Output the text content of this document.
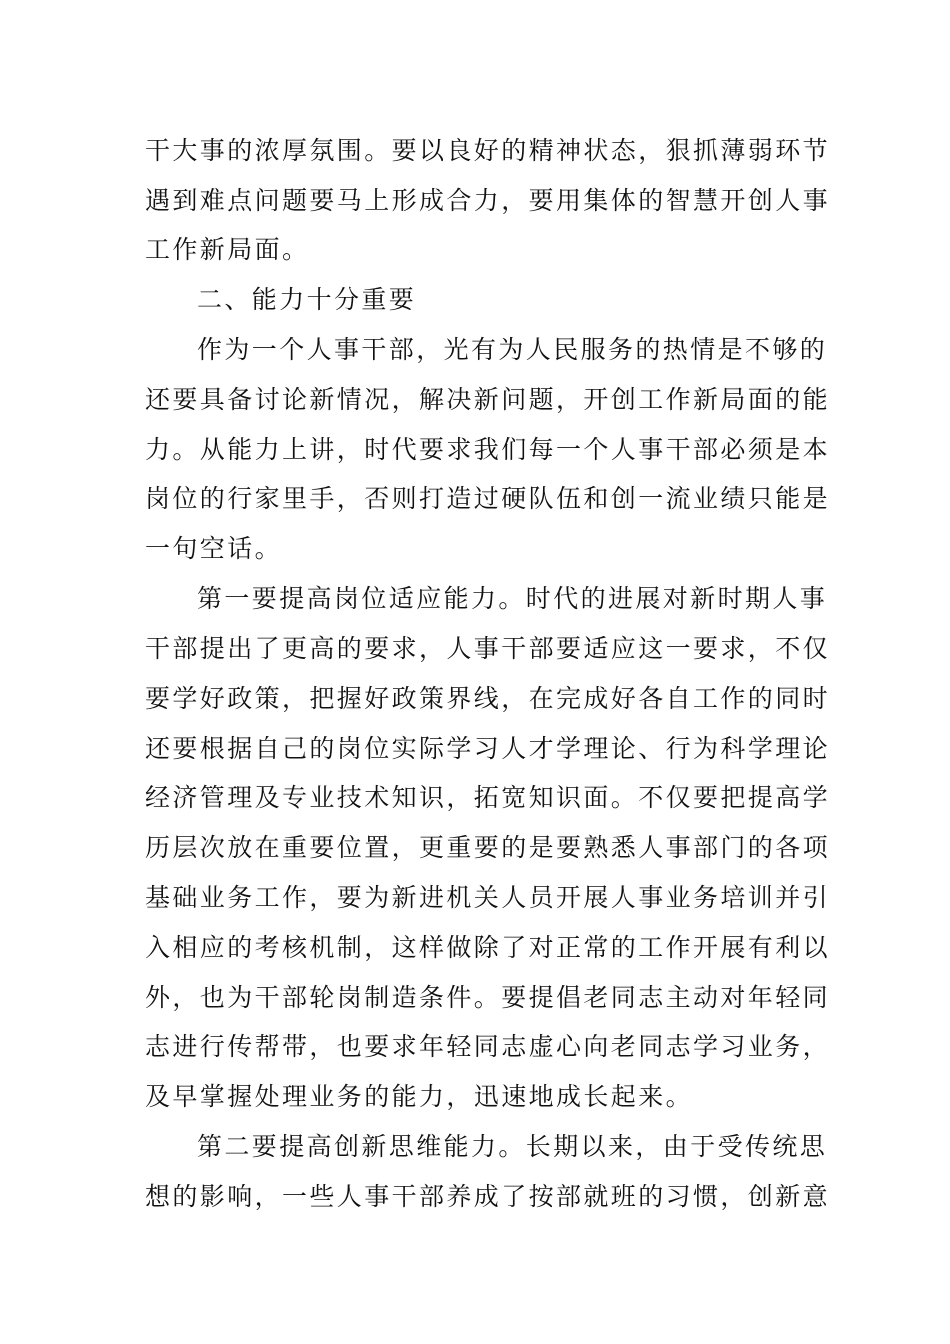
干大事的浓厚氛围。要以良好的精神状态，狠抓薄弱环节
遇到难点问题要马上形成合力，要用集体的智慧开创人事
工作新局面。
二、能力十分重要
作为一个人事干部，光有为人民服务的热情是不够的
还要具备讨论新情况，解决新问题，开创工作新局面的能
力。从能力上讲，时代要求我们每一个人事干部必须是本
岗位的行家里手，否则打造过硬队伍和创一流业绩只能是
一句空话。
第一要提高岗位适应能力。时代的进展对新时期人事
干部提出了更高的要求，人事干部要适应这一要求，不仅
要学好政策，把握好政策界线，在完成好各自工作的同时
还要根据自己的岗位实际学习人才学理论、行为科学理论
经济管理及专业技术知识，拓宽知识面。不仅要把提高学
历层次放在重要位置，更重要的是要熟悉人事部门的各项
基础业务工作，要为新进机关人员开展人事业务培训并引
入相应的考核机制，这样做除了对正常的工作开展有利以
外，也为干部轮岗制造条件。要提倡老同志主动对年轻同
志进行传帮带，也要求年轻同志虚心向老同志学习业务，
及早掌握处理业务的能力，迅速地成长起来。
第二要提高创新思维能力。长期以来，由于受传统思
想的影响，一些人事干部养成了按部就班的习惯，创新意
